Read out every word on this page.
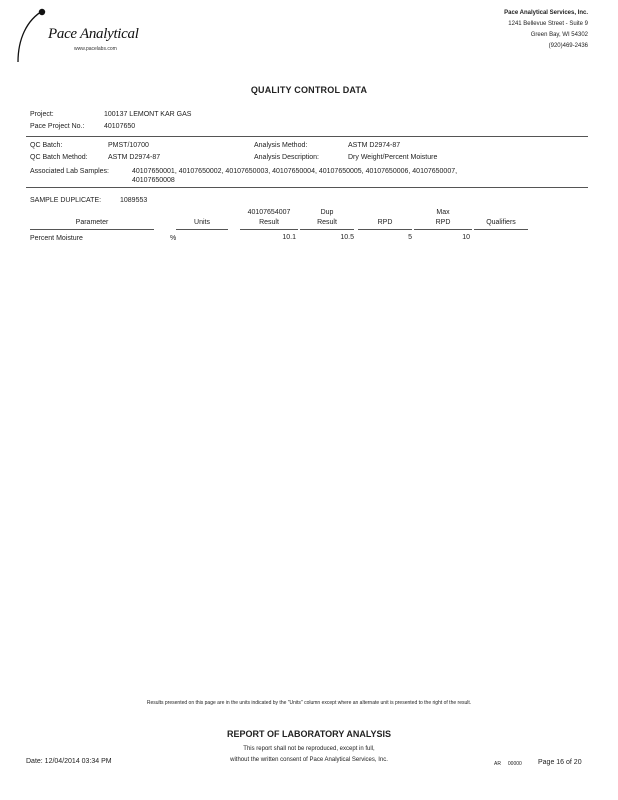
Pace Analytical
www.pacelabs.com
Pace Analytical Services, Inc.
1241 Bellevue Street - Suite 9
Green Bay, WI 54302
(920)469-2436
QUALITY CONTROL DATA
Project:	100137 LEMONT KAR GAS
Pace Project No.:	40107650
QC Batch:	PMST/10700	Analysis Method:	ASTM D2974-87
QC Batch Method:	ASTM D2974-87	Analysis Description:	Dry Weight/Percent Moisture
Associated Lab Samples:	40107650001, 40107650002, 40107650003, 40107650004, 40107650005, 40107650006, 40107650007,
40107650008
SAMPLE DUPLICATE:	1089553
40107654007	Dup	Max
Parameter	Units	Result	Result	RPD	RPD	Qualifiers
Percent Moisture	%	10.1	10.5	5	10
Results presented on this page are in the units indicated by the "Units" column except where an alternate unit is presented to the right of the result.
REPORT OF LABORATORY ANALYSIS
This report shall not be reproduced, except in full,
without the written consent of Pace Analytical Services, Inc.
Date: 12/04/2014 03:34 PM	AR     00000 Page 16 of 20
